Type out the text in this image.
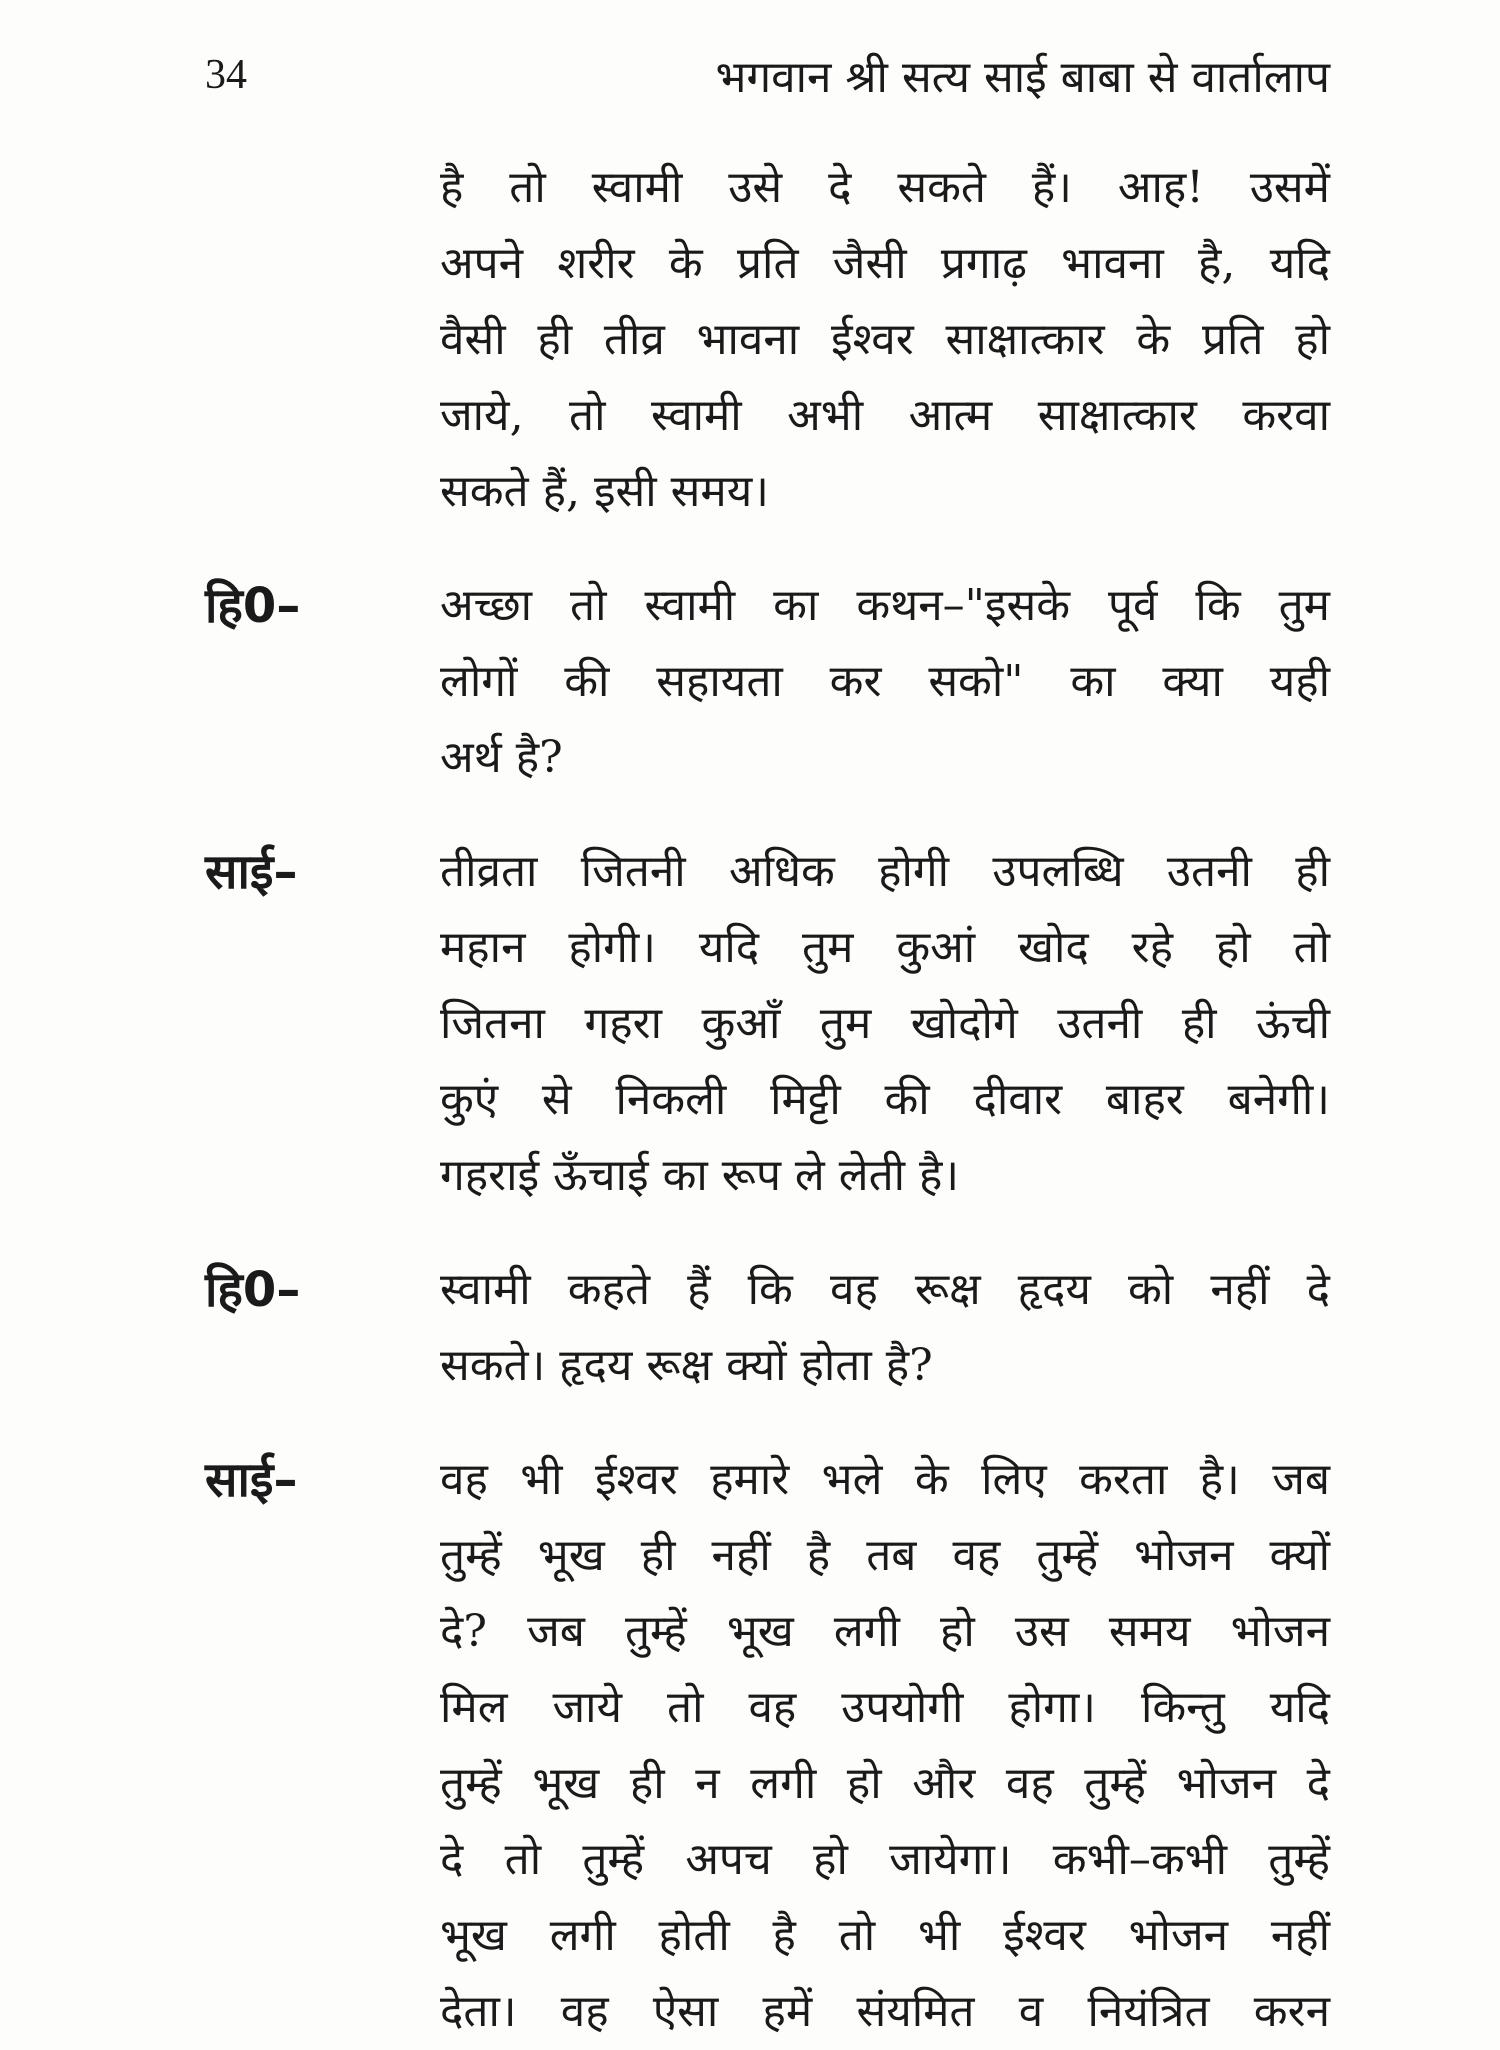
34	भगवान श्री सत्य साई बाबा से वार्तालाप
है तो स्वामी उसे दे सकते हैं। आह! उसमें
अपने शरीर के प्रति जैसी प्रगाढ़ भावना है, यदि
वैसी ही तीव्र भावना ईश्वर साक्षात्कार के प्रति हो
जाये, तो स्वामी अभी आत्म साक्षात्कार करवा
सकते हैं, इसी समय।
हि0–	अच्छा तो स्वामी का कथन–"इसके पूर्व कि तुम
लोगों की सहायता कर सको" का क्या यही
अर्थ है?
साई–	तीव्रता जितनी अधिक होगी उपलब्धि उतनी ही
महान होगी। यदि तुम कुआं खोद रहे हो तो
जितना गहरा कुआँ तुम खोदोगे उतनी ही ऊंची
कुएं से निकली मिट्टी की दीवार बाहर बनेगी।
गहराई ऊँचाई का रूप ले लेती है।
हि0–	स्वामी कहते हैं कि वह रूक्ष हृदय को नहीं दे
सकते। हृदय रूक्ष क्यों होता है?
साई–	वह भी ईश्वर हमारे भले के लिए करता है। जब
तुम्हें भूख ही नहीं है तब वह तुम्हें भोजन क्यों
दे? जब तुम्हें भूख लगी हो उस समय भोजन
मिल जाये तो वह उपयोगी होगा। किन्तु यदि
तुम्हें भूख ही न लगी हो और वह तुम्हें भोजन दे
दे तो तुम्हें अपच हो जायेगा। कभी–कभी तुम्हें
भूख लगी होती है तो भी ईश्वर भोजन नहीं
देता। वह ऐसा हमें संयमित व नियंत्रित करन
